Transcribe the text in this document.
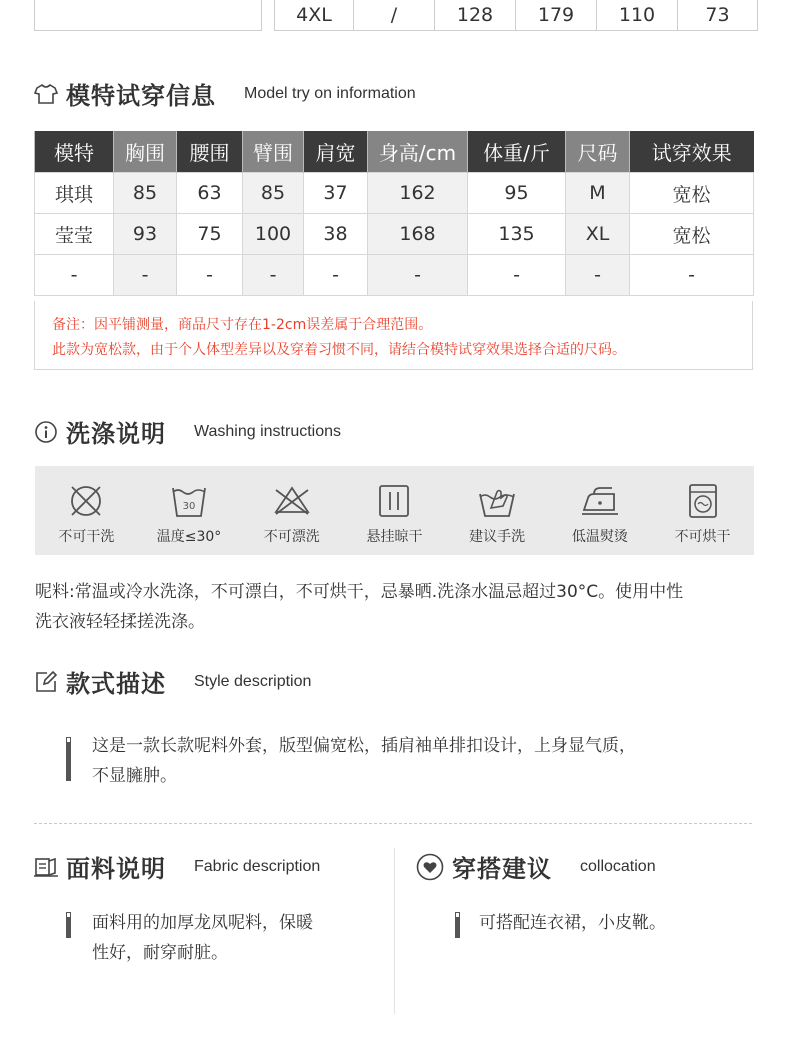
4XL	/	128	179	110	73
模特试穿信息 Model try on information
模特	胸围	腰围	臂围	肩宽	身高/cm	体重/斤	尺码	试穿效果
琪琪	85	63	85	37	162	95	M	宽松
莹莹	93	75	100	38	168	135	XL	宽松
-	-	-	-	-	-	-	-	-
备注：因平铺测量，商品尺寸存在1-2cm误差属于合理范围。
此款为宽松款，由于个人体型差异以及穿着习惯不同，请结合模特试穿效果选择合适的尺码。
洗涤说明 Washing instructions
不可干洗
30
温度≤30°	不可漂洗	悬挂晾干	建议手洗	低温熨烫	不可烘干
呢料:常温或冷水洗涤，不可漂白，不可烘干，忌暴晒.洗涤水温忌超过30°C。使用中性
洗衣液轻轻揉搓洗涤。
款式描述 Style description
这是一款长款呢料外套，版型偏宽松，插肩袖单排扣设计，上身显气质，
不显臃肿。
面料说明 Fabric description
面料用的加厚龙凤呢料，保暖
性好，耐穿耐脏。
穿搭建议 collocation
可搭配连衣裙，小皮靴。
